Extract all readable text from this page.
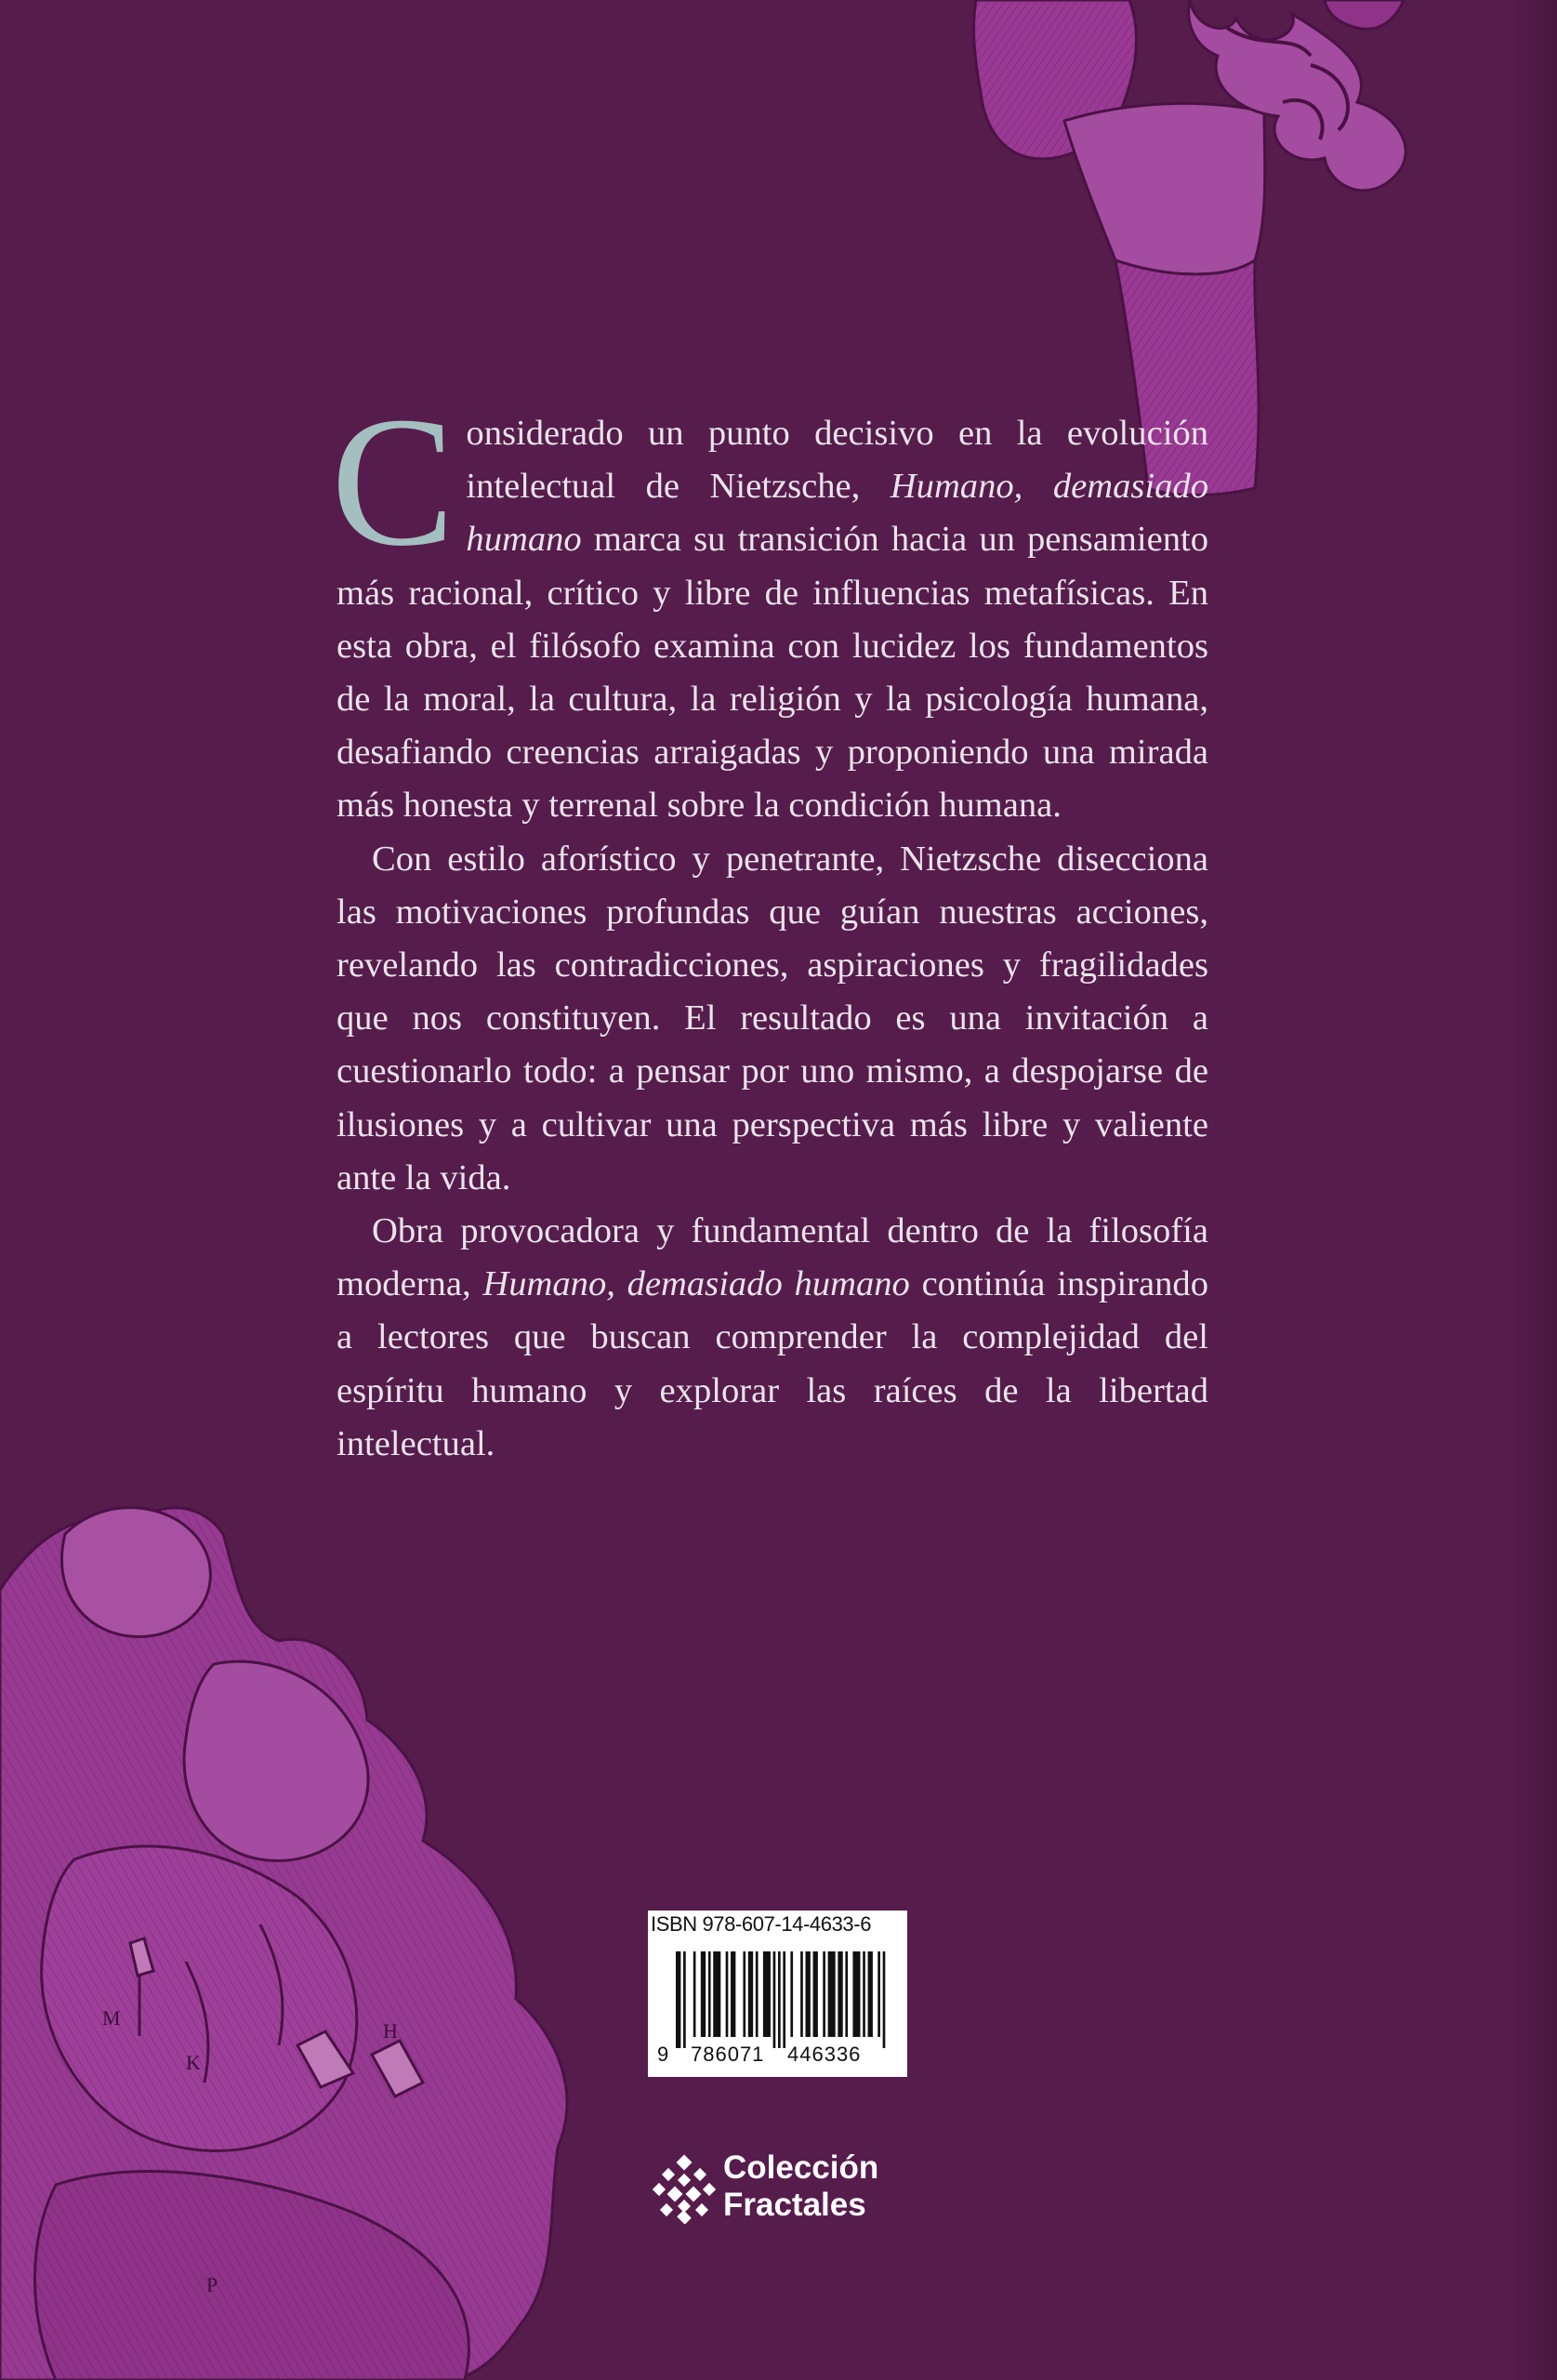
M
K
H
P

Considerado un punto decisivo en la evolución intelectual de Nietzsche, Humano, demasiado humano marca su transición hacia un pensamiento más racional, crítico y libre de influencias metafísicas. En esta obra, el filósofo examina con lucidez los fundamentos de la moral, la cultura, la religión y la psicología humana, desafiando creencias arraigadas y proponiendo una mirada más honesta y terrenal sobre la condición humana.

Con estilo aforístico y penetrante, Nietzsche disecciona las motivaciones profundas que guían nuestras acciones, revelando las contradicciones, aspiraciones y fragilidades que nos constituyen. El resultado es una invitación a cuestionarlo todo: a pensar por uno mismo, a despojarse de ilusiones y a cultivar una perspectiva más libre y valiente ante la vida.

Obra provocadora y fundamental dentro de la filosofía moderna, Humano, demasiado humano continúa inspirando a lectores que buscan comprender la complejidad del espíritu humano y explorar las raíces de la libertad intelectual.

ISBN 978-607-14-4633-6
9 786071 446336
Colección
Fractales
